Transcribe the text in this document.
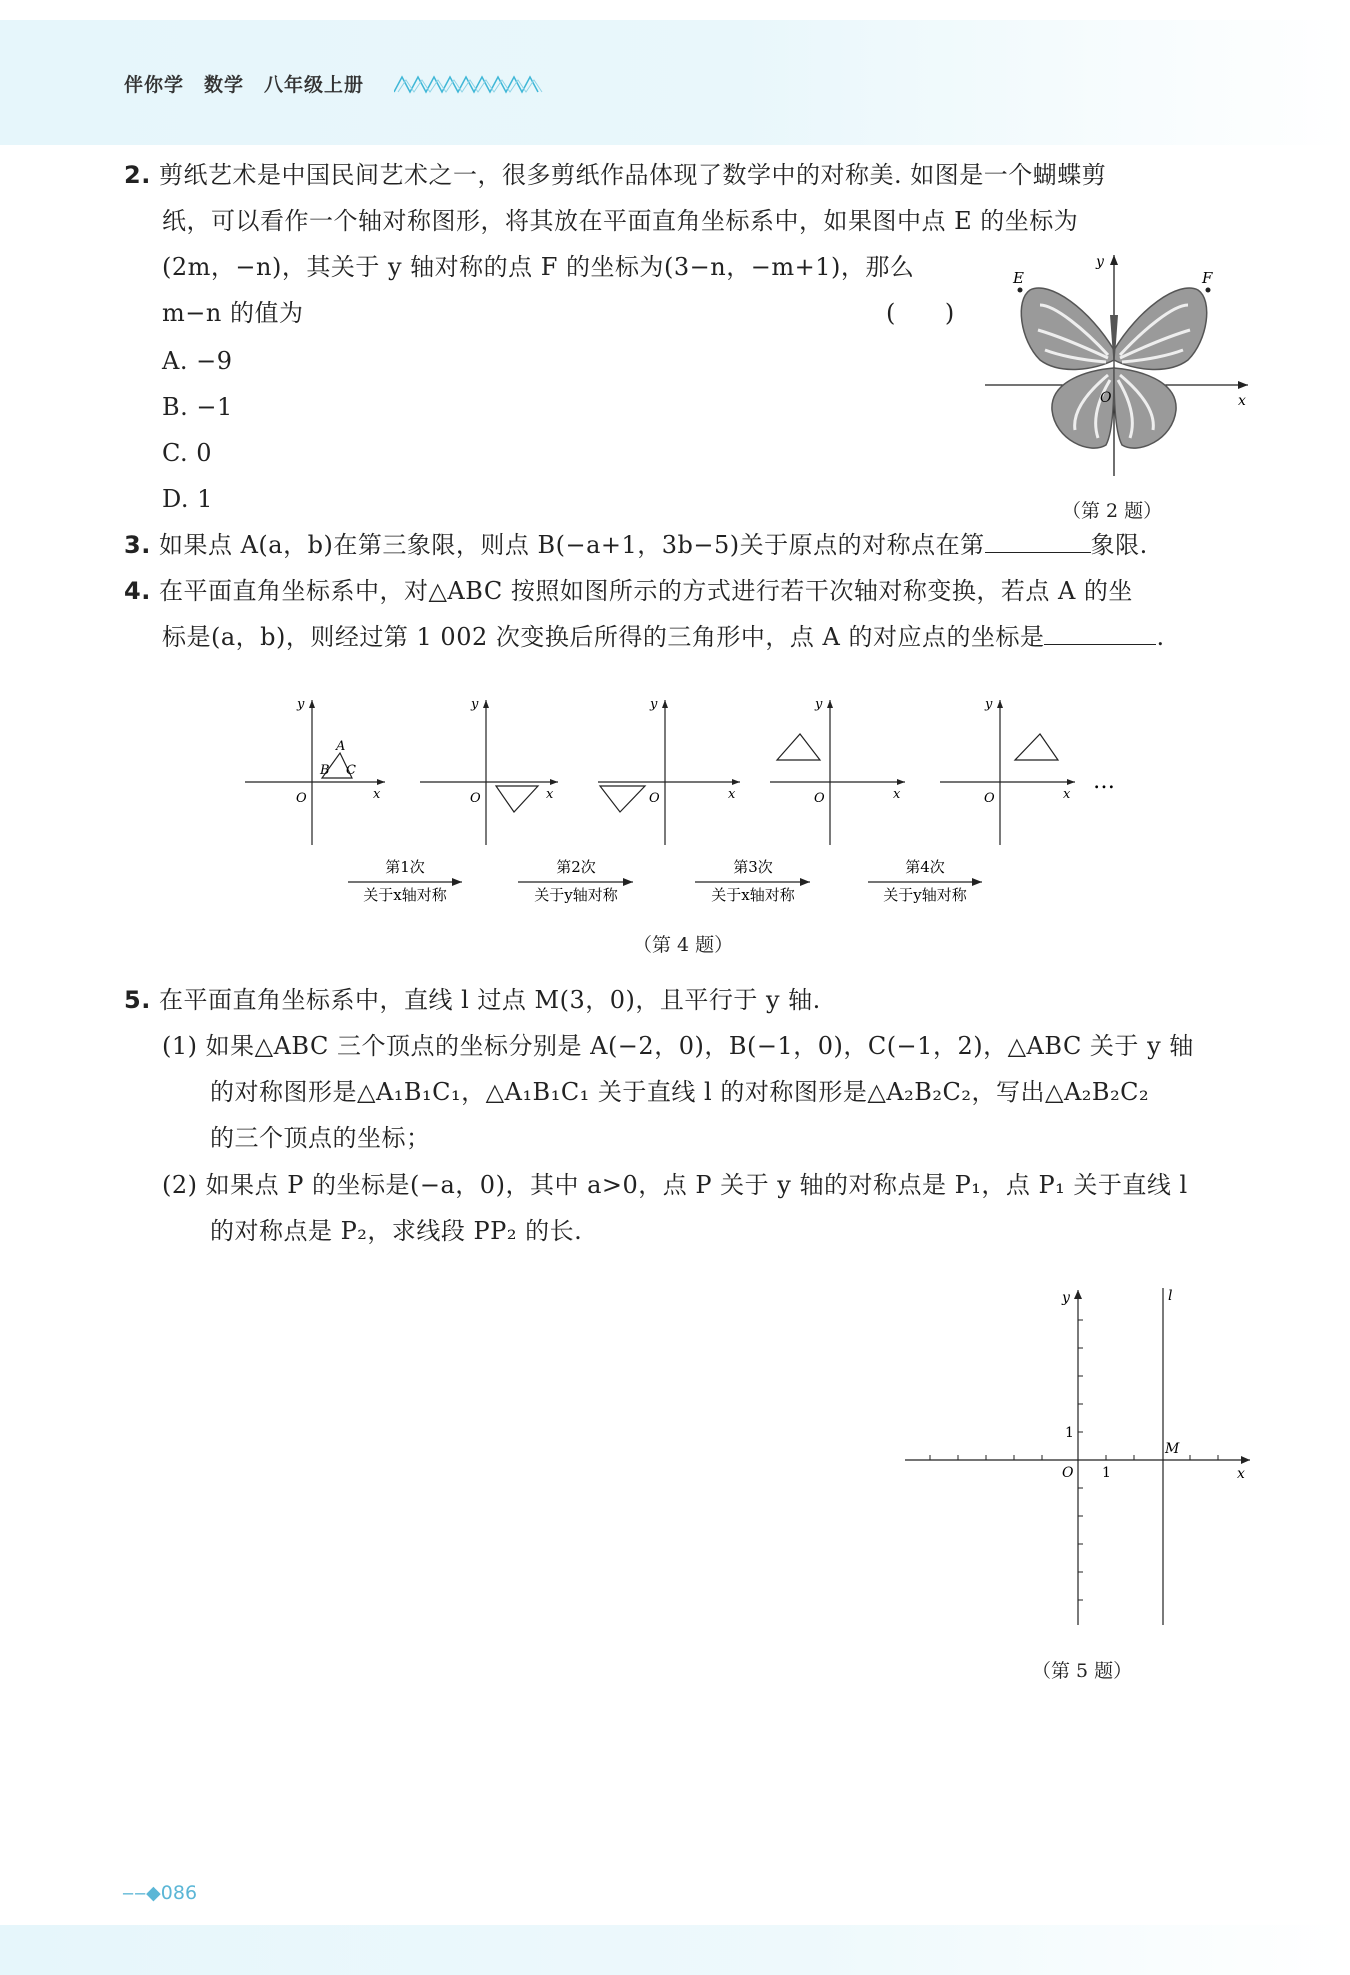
伴你学　数学　八年级上册
2. 剪纸艺术是中国民间艺术之一，很多剪纸作品体现了数学中的对称美. 如图是一个蝴蝶剪
纸，可以看作一个轴对称图形，将其放在平面直角坐标系中，如果图中点 E 的坐标为
(2m，−n)，其关于 y 轴对称的点 F 的坐标为(3−n，−m+1)，那么
m−n 的值为	(　　)
A. −9
B. −1
C. 0
D. 1
E	F
x
y
O
（第 2 题）
3. 如果点 A(a，b)在第三象限，则点 B(−a+1，3b−5)关于原点的对称点在第	象限.
4. 在平面直角坐标系中，对△ABC 按照如图所示的方式进行若干次轴对称变换，若点 A 的坐
标是(a，b)，则经过第 1 002 次变换后所得的三角形中，点 A 的对应点的坐标是	.
y
x
O
A
B C
y
x
O
y
x
O
y
x
O
y
x
O
…
第1次
关于x轴对称
第2次
关于y轴对称
第3次
关于x轴对称
第4次
关于y轴对称
（第 4 题）
5. 在平面直角坐标系中，直线 l 过点 M(3，0)，且平行于 y 轴.
(1) 如果△ABC 三个顶点的坐标分别是 A(−2，0)，B(−1，0)，C(−1，2)，△ABC 关于 y 轴
的对称图形是△A₁B₁C₁，△A₁B₁C₁ 关于直线 l 的对称图形是△A₂B₂C₂，写出△A₂B₂C₂
的三个顶点的坐标；
(2) 如果点 P 的坐标是(−a，0)，其中 a>0，点 P 关于 y 轴的对称点是 P₁，点 P₁ 关于直线 l
的对称点是 P₂，求线段 PP₂ 的长.
y	l
x
M
O
1
1
（第 5 题）
‒‒◆086
